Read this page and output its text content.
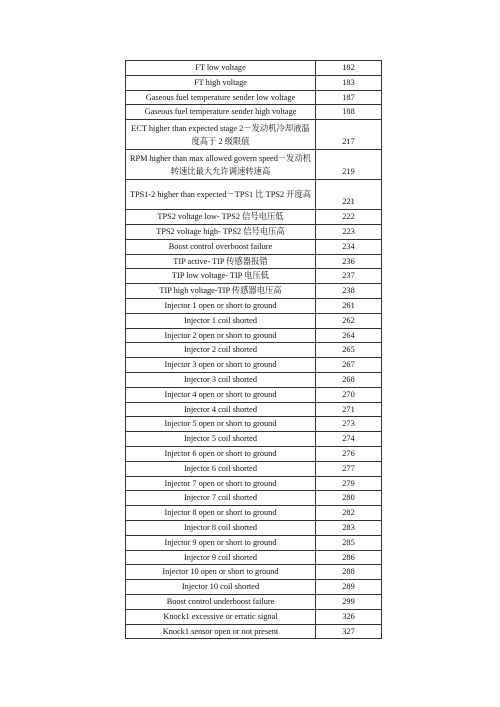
FT low voltage	182
FT high voltage	183
Gaseous fuel temperature sender low voltage	187
Gaseous fuel temperature sender high voltage	188
ECT higher than expected stage 2－发动机冷却液温度高于 2 级限值	217
RPM higher than max allowed govern speed－发动机转速比最大允许调速转速高	219
TPS1-2 higher than expected－TPS1 比 TPS2 开度高	221
TPS2 voltage low- TPS2 信号电压低	222
TPS2 voltage high- TPS2 信号电压高	223
Boost control overboost failure	234
TIP active- TIP 传感器报错	236
TIP low voltage- TIP 电压低	237
TIP high voltage-TIP 传感器电压高	238
Injector 1 open or short to ground	261
Injector 1 coil shorted	262
Injector 2 open or short to ground	264
Injector 2 coil shorted	265
Injector 3 open or short to ground	267
Injector 3 coil shorted	268
Injector 4 open or short to ground	270
Injector 4 coil shorted	271
Injector 5 open or short to ground	273
Injector 5 coil shorted	274
Injector 6 open or short to ground	276
Injector 6 coil shorted	277
Injector 7 open or short to ground	279
Injector 7 coil shorted	280
Injector 8 open or short to ground	282
Injector 8 coil shorted	283
Injector 9 open or short to ground	285
Injector 9 coil shorted	286
Injector 10 open or short to ground	288
Injector 10 coil shorted	289
Boost control underboost failure	299
Knock1 excessive or erratic signal	326
Knock1 sensor open or not present	327
